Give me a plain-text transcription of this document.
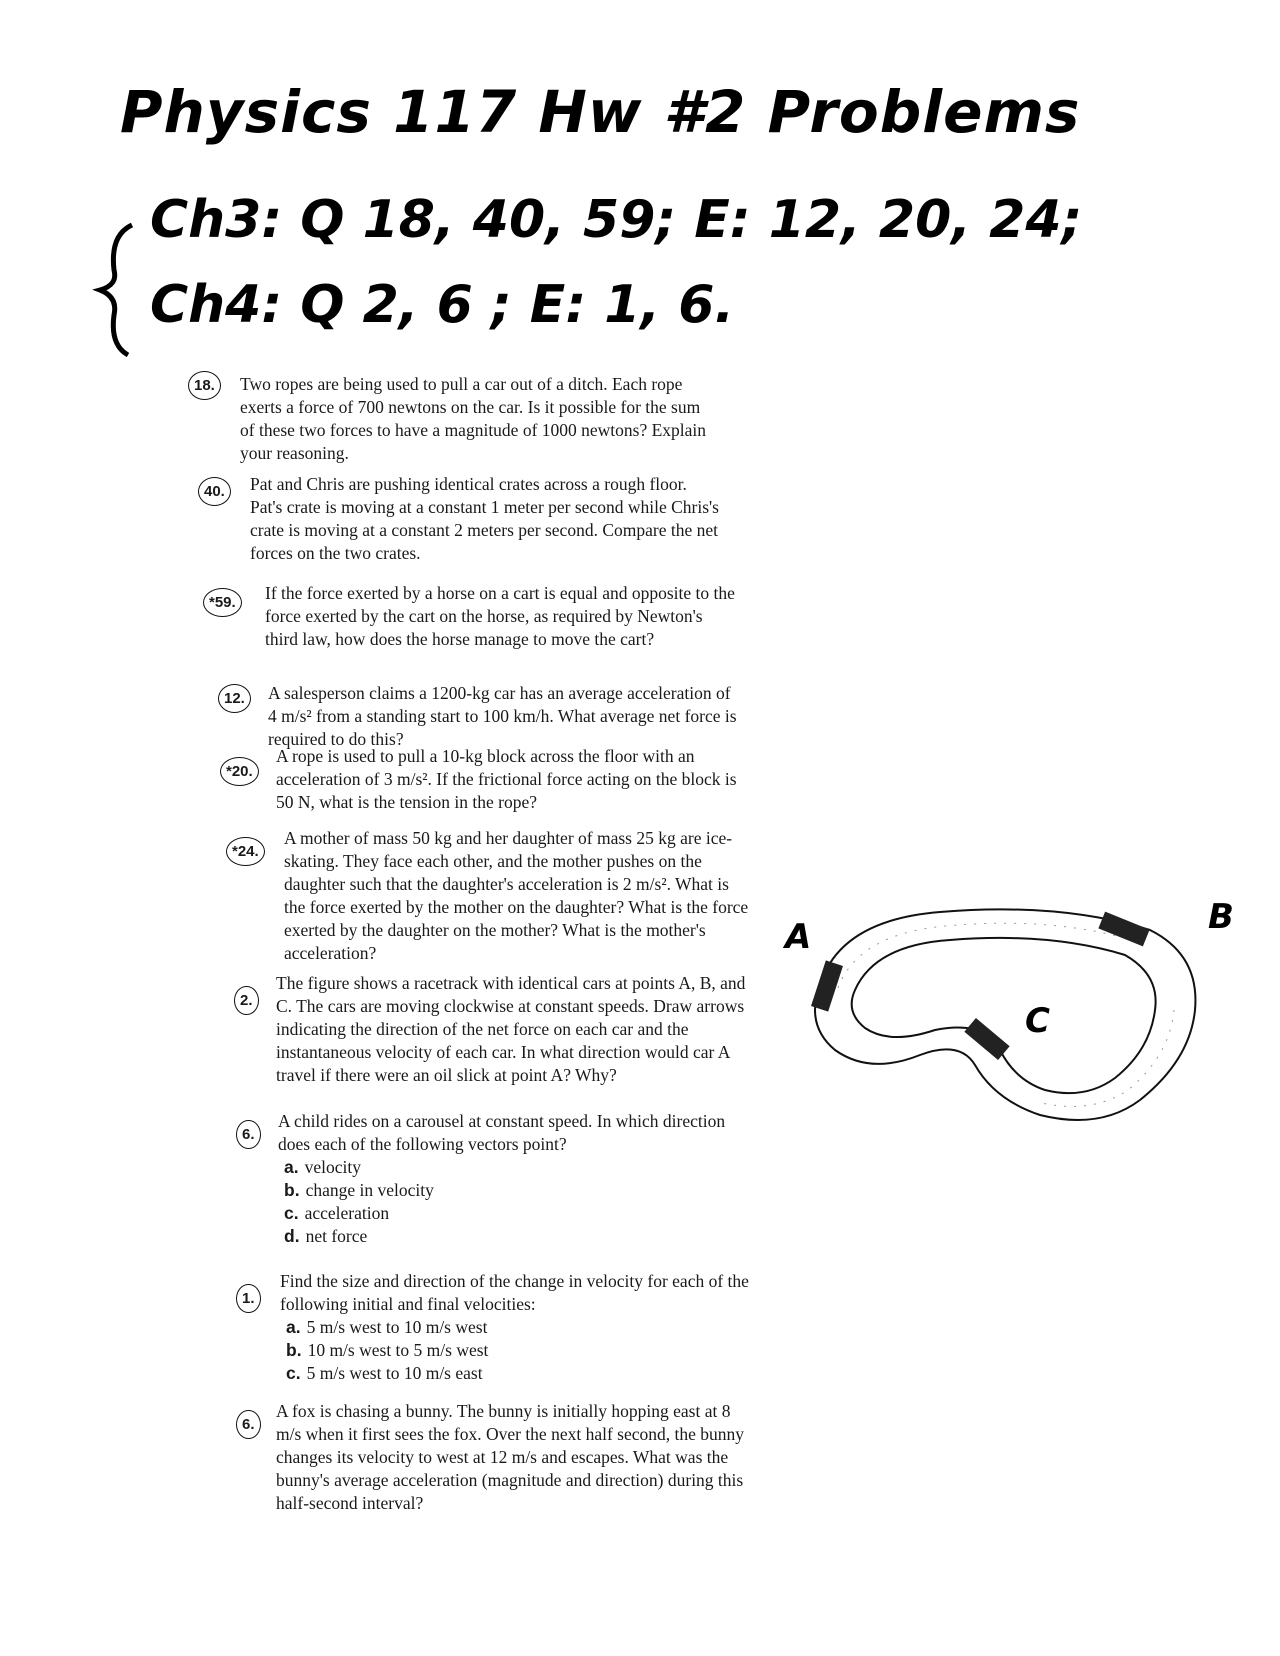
Physics 117 Hw #2 Problems
Ch3: Q 18, 40, 59; E: 12, 20, 24;
Ch4: Q 2, 6 ; E: 1, 6.
18.	Two ropes are being used to pull a car out of a ditch. Each rope exerts a force of 700 newtons on the car. Is it possible for the sum of these two forces to have a magnitude of 1000 newtons? Explain your reasoning.
40.	Pat and Chris are pushing identical crates across a rough floor. Pat's crate is moving at a constant 1 meter per second while Chris's crate is moving at a constant 2 meters per second. Compare the net forces on the two crates.
*59.	If the force exerted by a horse on a cart is equal and opposite to the force exerted by the cart on the horse, as required by Newton's third law, how does the horse manage to move the cart?
12.	A salesperson claims a 1200-kg car has an average acceleration of 4 m/s² from a standing start to 100 km/h. What average net force is required to do this?
*20.
A rope is used to pull a 10-kg block across the floor with an acceleration of 3 m/s². If the frictional force acting on the block is 50 N, what is the tension in the rope?
*24.
A mother of mass 50 kg and her daughter of mass 25 kg are ice-skating. They face each other, and the mother pushes on the daughter such that the daughter's acceleration is 2 m/s². What is the force exerted by the mother on the daughter? What is the force exerted by the daughter on the mother? What is the mother's acceleration?
2.
The figure shows a racetrack with identical cars at points A, B, and C. The cars are moving clockwise at constant speeds. Draw arrows indicating the direction of the net force on each car and the instantaneous velocity of each car. In what direction would car A travel if there were an oil slick at point A? Why?
6.
A child rides on a carousel at constant speed. In which direction does each of the following vectors point?
a. velocity
b. change in velocity
c. acceleration
d. net force
1.
Find the size and direction of the change in velocity for each of the following initial and final velocities:
a. 5 m/s west to 10 m/s west
b. 10 m/s west to 5 m/s west
c. 5 m/s west to 10 m/s east
6.
A fox is chasing a bunny. The bunny is initially hopping east at 8 m/s when it first sees the fox. Over the next half second, the bunny changes its velocity to west at 12 m/s and escapes. What was the bunny's average acceleration (magnitude and direction) during this half-second interval?
A	B
C
